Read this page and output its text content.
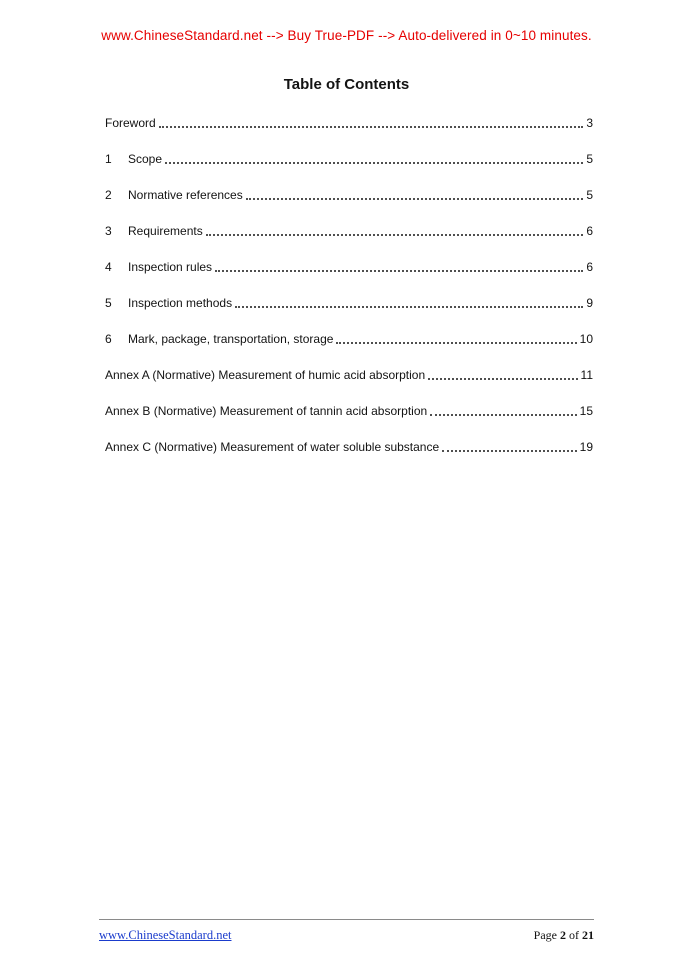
www.ChineseStandard.net --> Buy True-PDF --> Auto-delivered in 0~10 minutes.
Table of Contents
Foreword	3
1	Scope	5
2	Normative references	5
3	Requirements	6
4	Inspection rules	6
5	Inspection methods	9
6	Mark, package, transportation, storage	10
Annex A (Normative) Measurement of humic acid absorption	11
Annex B (Normative) Measurement of tannin acid absorption	15
Annex C (Normative) Measurement of water soluble substance	19
www.ChineseStandard.net	Page 2 of 21
